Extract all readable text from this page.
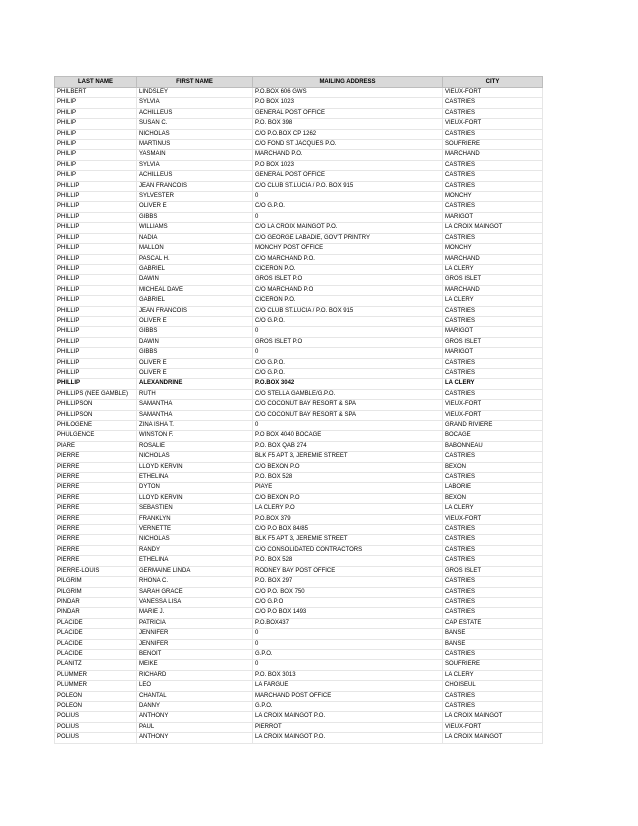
LAST NAME	FIRST NAME	MAILING ADDRESS	CITY
PHILBERT	LINDSLEY	P.O.BOX 606 GWS	VIEUX-FORT
PHILIP	SYLVIA	P.O BOX 1023	CASTRIES
PHILIP	ACHILLEUS	GENERAL POST OFFICE	CASTRIES
PHILIP	SUSAN C.	P.O. BOX 398	VIEUX-FORT
PHILIP	NICHOLAS	C/O P.O.BOX CP 1262	CASTRIES
PHILIP	MARTINUS	C/O FOND ST JACQUES P.O.	SOUFRIERE
PHILIP	YASMAIN	MARCHAND P.O.	MARCHAND
PHILIP	SYLVIA	P.O BOX 1023	CASTRIES
PHILIP	ACHILLEUS	GENERAL POST OFFICE	CASTRIES
PHILLIP	JEAN FRANCOIS	C/O CLUB ST.LUCIA / P.O. BOX 915	CASTRIES
PHILLIP	SYLVESTER	0	MONCHY
PHILLIP	OLIVER E	C/O G.P.O.	CASTRIES
PHILLIP	GIBBS	0	MARIGOT
PHILLIP	WILLIAMS	C/O LA CROIX MAINGOT P.O.	LA CROIX MAINGOT
PHILLIP	NADIA	C/O GEORGE LABADIE, GOV'T PRINTRY	CASTRIES
PHILLIP	MALLON	MONCHY POST OFFICE	MONCHY
PHILLIP	PASCAL H.	C/O MARCHAND P.O.	MARCHAND
PHILLIP	GABRIEL	CICERON P.O.	LA CLERY
PHILLIP	DAWIN	GROS ISLET P.O	GROS ISLET
PHILLIP	MICHEAL DAVE	C/O MARCHAND P.O	MARCHAND
PHILLIP	GABRIEL	CICERON P.O.	LA CLERY
PHILLIP	JEAN FRANCOIS	C/O CLUB ST.LUCIA / P.O. BOX 915	CASTRIES
PHILLIP	OLIVER E	C/O G.P.O.	CASTRIES
PHILLIP	GIBBS	0	MARIGOT
PHILLIP	DAWIN	GROS ISLET P.O	GROS ISLET
PHILLIP	GIBBS	0	MARIGOT
PHILLIP	OLIVER E	C/O G.P.O.	CASTRIES
PHILLIP	OLIVER E	C/O G.P.O.	CASTRIES
PHILLIP	ALEXANDRINE	P.O.BOX 3042	LA CLERY
PHILLIPS (NEE GAMBLE)	RUTH	C/O STELLA GAMBLE/G.P.O.	CASTRIES
PHILLIPSON	SAMANTHA	C/O COCONUT BAY RESORT & SPA	VIEUX-FORT
PHILLIPSON	SAMANTHA	C/O COCONUT BAY RESORT & SPA	VIEUX-FORT
PHILOGENE	ZINA ISHA T.	0	GRAND RIVIERE
PHULGENCE	WINSTON F.	P.O BOX 4040 BOCAGE	BOCAGE
PIARE	ROSALIE	P.O. BOX QAB 274	BABONNEAU
PIERRE	NICHOLAS	BLK F5 APT 3, JEREMIE STREET	CASTRIES
PIERRE	LLOYD KERVIN	C/O BEXON P.O	BEXON
PIERRE	ETHELINA	P.O. BOX 528	CASTRIES
PIERRE	DYTON	PIAYE	LABORIE
PIERRE	LLOYD KERVIN	C/O BEXON P.O	BEXON
PIERRE	SEBASTIEN	LA CLERY P.O	LA CLERY
PIERRE	FRANKLYN	P.O.BOX 379	VIEUX-FORT
PIERRE	VERNETTE	C/O P.O BOX 84/85	CASTRIES
PIERRE	NICHOLAS	BLK F5 APT 3, JEREMIE STREET	CASTRIES
PIERRE	RANDY	C/O CONSOLIDATED CONTRACTORS	CASTRIES
PIERRE	ETHELINA	P.O. BOX 528	CASTRIES
PIERRE-LOUIS	GERMAINE LINDA	RODNEY BAY POST OFFICE	GROS ISLET
PILGRIM	RHONA C.	P.O. BOX 297	CASTRIES
PILGRIM	SARAH GRACE	C/O P.O. BOX 750	CASTRIES
PINDAR	VANESSA LISA	C/O G.P.O	CASTRIES
PINDAR	MARIE J.	C/O P.O BOX 1493	CASTRIES
PLACIDE	PATRICIA	P.O.BOX437	CAP ESTATE
PLACIDE	JENNIFER	0	BANSE
PLACIDE	JENNIFER	0	BANSE
PLACIDE	BENOIT	G.P.O.	CASTRIES
PLANITZ	MEIKE	0	SOUFRIERE
PLUMMER	RICHARD	P.O. BOX 3013	LA CLERY
PLUMMER	LEO	LA FARGUE	CHOISEUL
POLEON	CHANTAL	MARCHAND POST OFFICE	CASTRIES
POLEON	DANNY	G.P.O.	CASTRIES
POLIUS	ANTHONY	LA CROIX MAINGOT P.O.	LA CROIX MAINGOT
POLIUS	PAUL	PIERROT	VIEUX-FORT
POLIUS	ANTHONY	LA CROIX MAINGOT P.O.	LA CROIX MAINGOT
